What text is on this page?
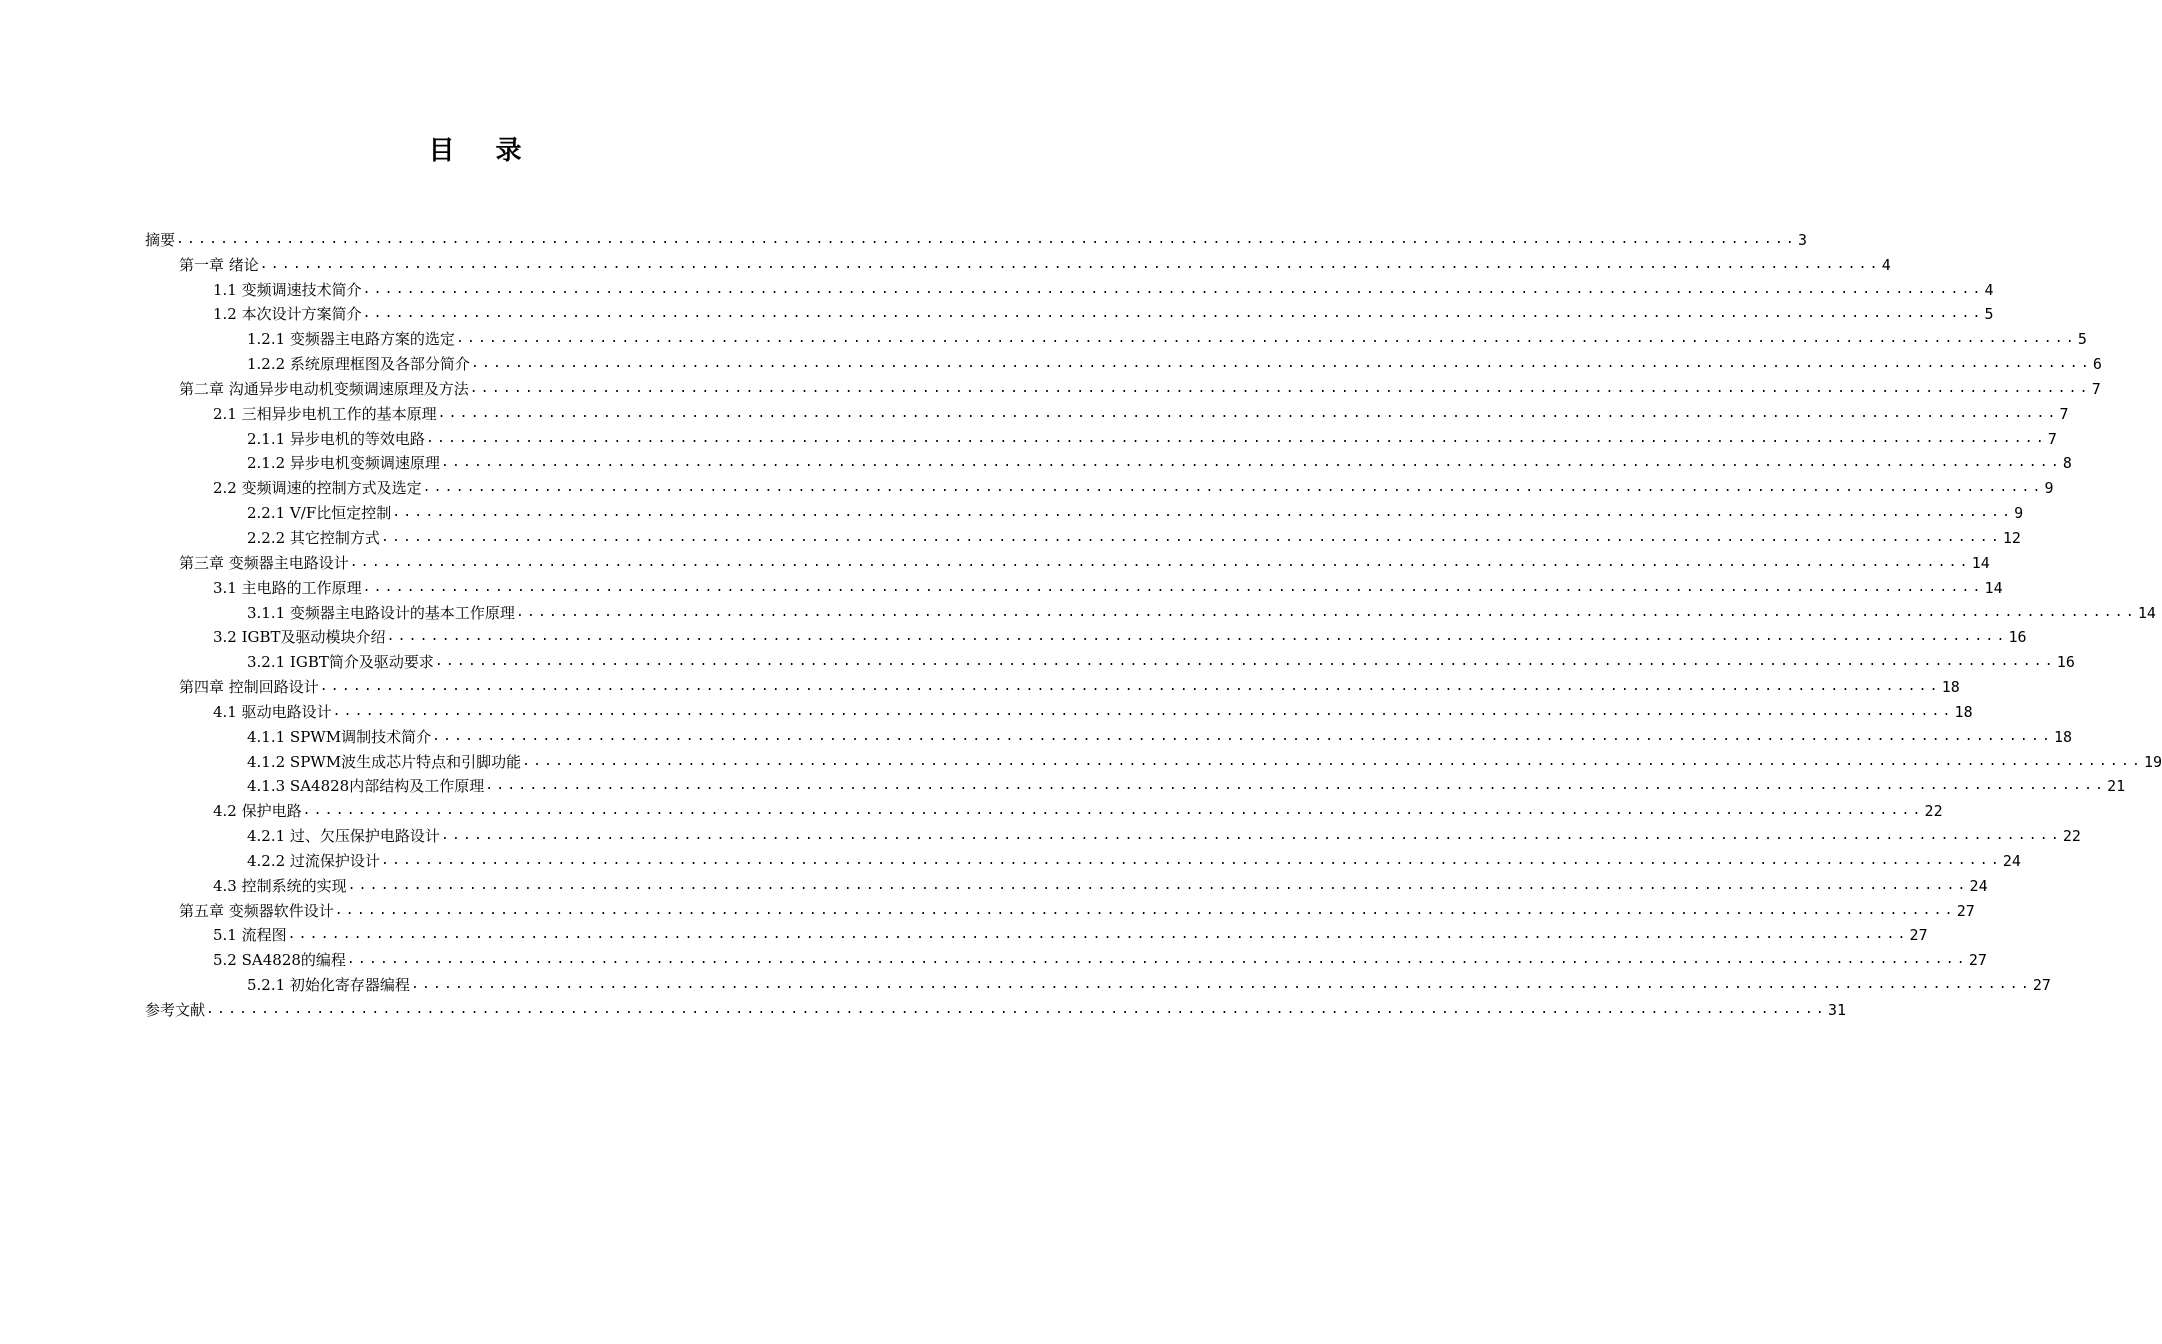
目 录
摘要 ................................................................................................................................................... 3
第一章 绪论 ................................................................................................................................................... 4
1.1 变频调速技术简介 ................................................................................................................................................... 4
1.2 本次设计方案简介 ................................................................................................................................................... 5
1.2.1 变频器主电路方案的选定 ................................................................................................................................................... 5
1.2.2 系统原理框图及各部分简介 ................................................................................................................................................... 6
第二章 沟通异步电动机变频调速原理及方法 ................................................................................................................................................... 7
2.1 三相异步电机工作的基本原理 ................................................................................................................................................... 7
2.1.1 异步电机的等效电路 ................................................................................................................................................... 7
2.1.2 异步电机变频调速原理 ................................................................................................................................................... 8
2.2 变频调速的控制方式及选定 ................................................................................................................................................... 9
2.2.1 V/F比恒定控制 ................................................................................................................................................... 9
2.2.2 其它控制方式 ................................................................................................................................................... 12
第三章 变频器主电路设计 ................................................................................................................................................... 14
3.1 主电路的工作原理 ................................................................................................................................................... 14
3.1.1 变频器主电路设计的基本工作原理 ................................................................................................................................................... 14
3.2 IGBT及驱动模块介绍 ................................................................................................................................................... 16
3.2.1 IGBT简介及驱动要求 ................................................................................................................................................... 16
第四章 控制回路设计 ................................................................................................................................................... 18
4.1 驱动电路设计 ................................................................................................................................................... 18
4.1.1 SPWM调制技术简介 ................................................................................................................................................... 18
4.1.2 SPWM波生成芯片特点和引脚功能 ................................................................................................................................................... 19
4.1.3 SA4828内部结构及工作原理 ................................................................................................................................................... 21
4.2 保护电路 ................................................................................................................................................... 22
4.2.1 过、欠压保护电路设计 ................................................................................................................................................... 22
4.2.2 过流保护设计 ................................................................................................................................................... 24
4.3 控制系统的实现 ................................................................................................................................................... 24
第五章 变频器软件设计 ................................................................................................................................................... 27
5.1 流程图 ................................................................................................................................................... 27
5.2 SA4828的编程 ................................................................................................................................................... 27
5.2.1 初始化寄存器编程 ................................................................................................................................................... 27
参考文献 ................................................................................................................................................... 31
